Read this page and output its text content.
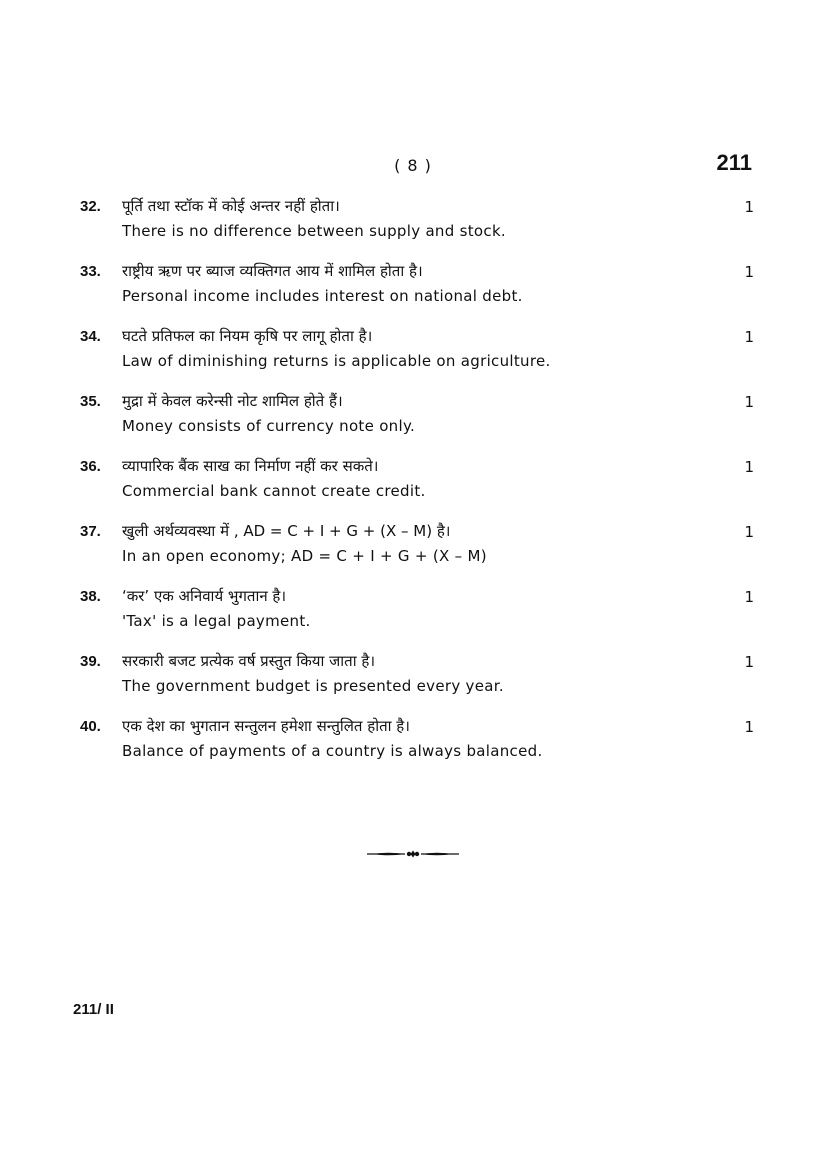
( 8 )	211
32. पूर्ति तथा स्टॉक में कोई अन्तर नहीं होता।
There is no difference between supply and stock.
1
33. राष्ट्रीय ऋण पर ब्याज व्यक्तिगत आय में शामिल होता है।
Personal income includes interest on national debt.
1
34. घटते प्रतिफल का नियम कृषि पर लागू होता है।
Law of diminishing returns is applicable on agriculture.
1
35. मुद्रा में केवल करेन्सी नोट शामिल होते हैं।
Money consists of currency note only.
1
36. व्यापारिक बैंक साख का निर्माण नहीं कर सकते।
Commercial bank cannot create credit.
1
37. खुली अर्थव्यवस्था में , AD = C + I + G + (X – M) है।
In an open economy; AD = C + I + G + (X – M)
1
38. ‘कर’ एक अनिवार्य भुगतान है।
'Tax' is a legal payment.
1
39. सरकारी बजट प्रत्येक वर्ष प्रस्तुत किया जाता है।
The government budget is presented every year.
1
40. एक देश का भुगतान सन्तुलन हमेशा सन्तुलित होता है।
Balance of payments of a country is always balanced.
1
211/ II
